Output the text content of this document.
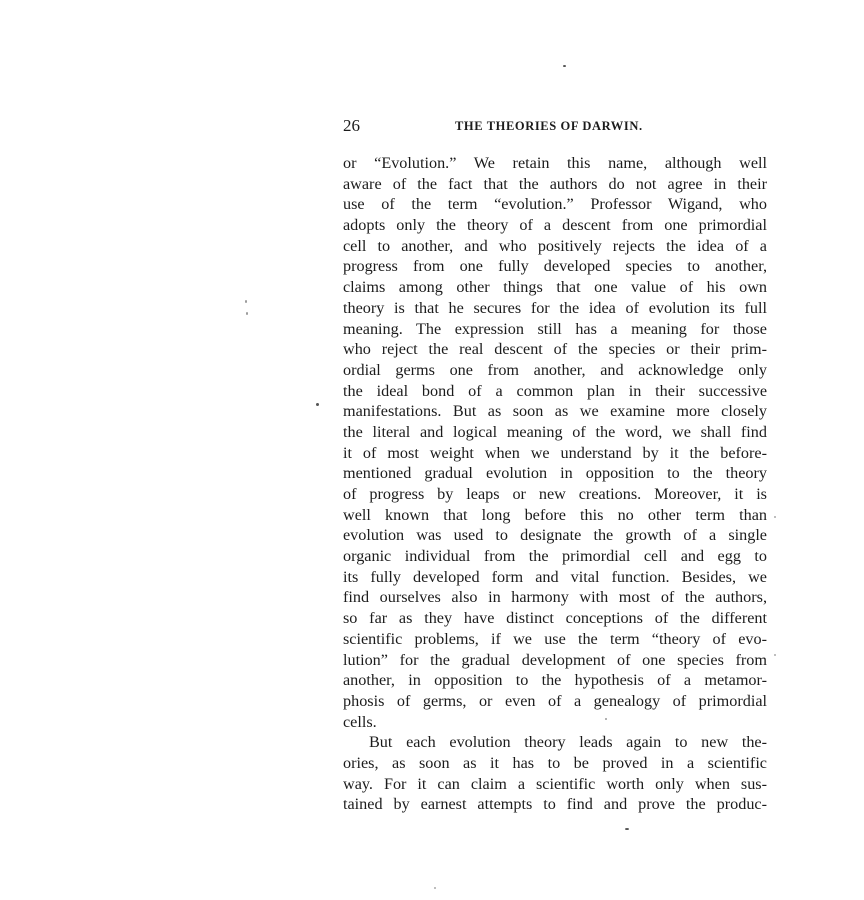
26	THE THEORIES OF DARWIN.
or “Evolution.” We retain this name, although well
aware of the fact that the authors do not agree in their
use of the term “evolution.” Professor Wigand, who
adopts only the theory of a descent from one primordial
cell to another, and who positively rejects the idea of a
progress from one fully developed species to another,
claims among other things that one value of his own
theory is that he secures for the idea of evolution its full
meaning. The expression still has a meaning for those
who reject the real descent of the species or their prim-
ordial germs one from another, and acknowledge only
the ideal bond of a common plan in their successive
manifestations. But as soon as we examine more closely
the literal and logical meaning of the word, we shall find
it of most weight when we understand by it the before-
mentioned gradual evolution in opposition to the theory
of progress by leaps or new creations. Moreover, it is
well known that long before this no other term than
evolution was used to designate the growth of a single
organic individual from the primordial cell and egg to
its fully developed form and vital function. Besides, we
find ourselves also in harmony with most of the authors,
so far as they have distinct conceptions of the different
scientific problems, if we use the term “theory of evo-
lution” for the gradual development of one species from
another, in opposition to the hypothesis of a metamor-
phosis of germs, or even of a genealogy of primordial
cells.
But each evolution theory leads again to new the-
ories, as soon as it has to be proved in a scientific
way. For it can claim a scientific worth only when sus-
tained by earnest attempts to find and prove the produc-
